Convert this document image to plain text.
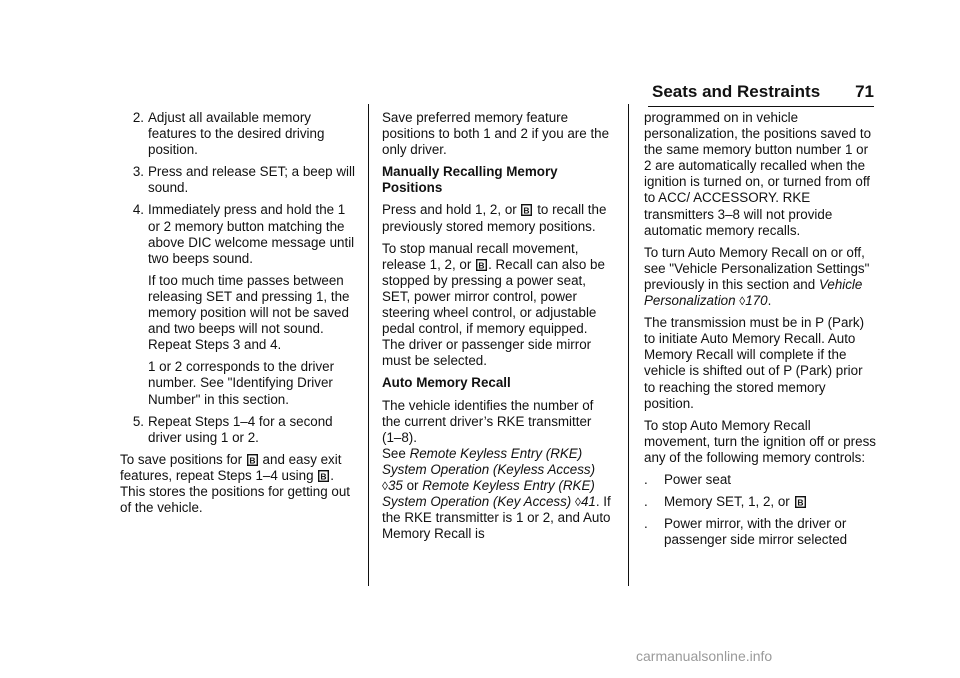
Seats and Restraints 71
2. Adjust all available memory features to the desired driving position.
3. Press and release SET; a beep will sound.
4. Immediately press and hold the 1 or 2 memory button matching the above DIC welcome message until two beeps sound.

If too much time passes between releasing SET and pressing 1, the memory position will not be saved and two beeps will not sound. Repeat Steps 3 and 4.

1 or 2 corresponds to the driver number. See "Identifying Driver Number" in this section.

5. Repeat Steps 1–4 for a second driver using 1 or 2.

To save positions for B and easy exit features, repeat Steps 1–4 using B . This stores the positions for getting out of the vehicle.

Save preferred memory feature positions to both 1 and 2 if you are the only driver.

Manually Recalling Memory Positions

Press and hold 1, 2, or B to recall the previously stored memory positions.

To stop manual recall movement, release 1, 2, or B . Recall can also be stopped by pressing a power seat, SET, power mirror control, power steering wheel control, or adjustable pedal control, if memory equipped. The driver or passenger side mirror must be selected.

Auto Memory Recall

The vehicle identifies the number of the current driver’s RKE transmitter (1–8).

See Remote Keyless Entry (RKE) System Operation (Keyless Access) ◊35 or Remote Keyless Entry (RKE) System Operation (Key Access) ◊41. If the RKE transmitter is 1 or 2, and Auto Memory Recall is

programmed on in vehicle personalization, the positions saved to the same memory button number 1 or 2 are automatically recalled when the ignition is turned on, or turned from off to ACC/ ACCESSORY. RKE transmitters 3–8 will not provide automatic memory recalls.

To turn Auto Memory Recall on or off, see "Vehicle Personalization Settings" previously in this section and Vehicle Personalization ◊170.

The transmission must be in P (Park) to initiate Auto Memory Recall. Auto Memory Recall will complete if the vehicle is shifted out of P (Park) prior to reaching the stored memory position.

To stop Auto Memory Recall movement, turn the ignition off or press any of the following memory controls:

.	Power seat
.	Memory SET, 1, 2, or B
.	Power mirror, with the driver or passenger side mirror selected
carmanualsonline.info
